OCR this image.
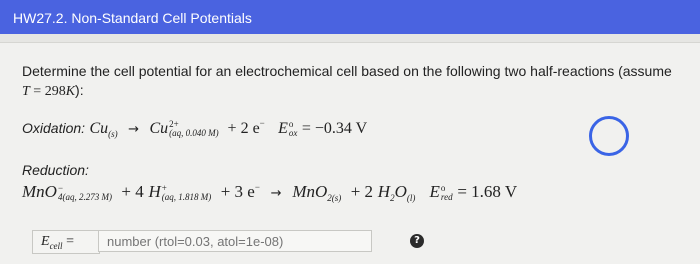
HW27.2. Non-Standard Cell Potentials
Determine the cell potential for an electrochemical cell based on the following two half-reactions (assume T = 298K):
Oxidation: $Cu_{(s)} \to Cu$ 2+
(aq, 0.040 M) + 2 e− E o
ox = −0.34 V
Reduction:
MnO −
4(aq, 2.273 M) + 4 H +
(aq, 1.818 M) + 3 e− → MnO$_{2(s)}$ + 2 $H_2O_{(l)}$ E o
red = 1.68 V
$E_{cell}$ =
number (rtol=0.03, atol=1e-08)	?
